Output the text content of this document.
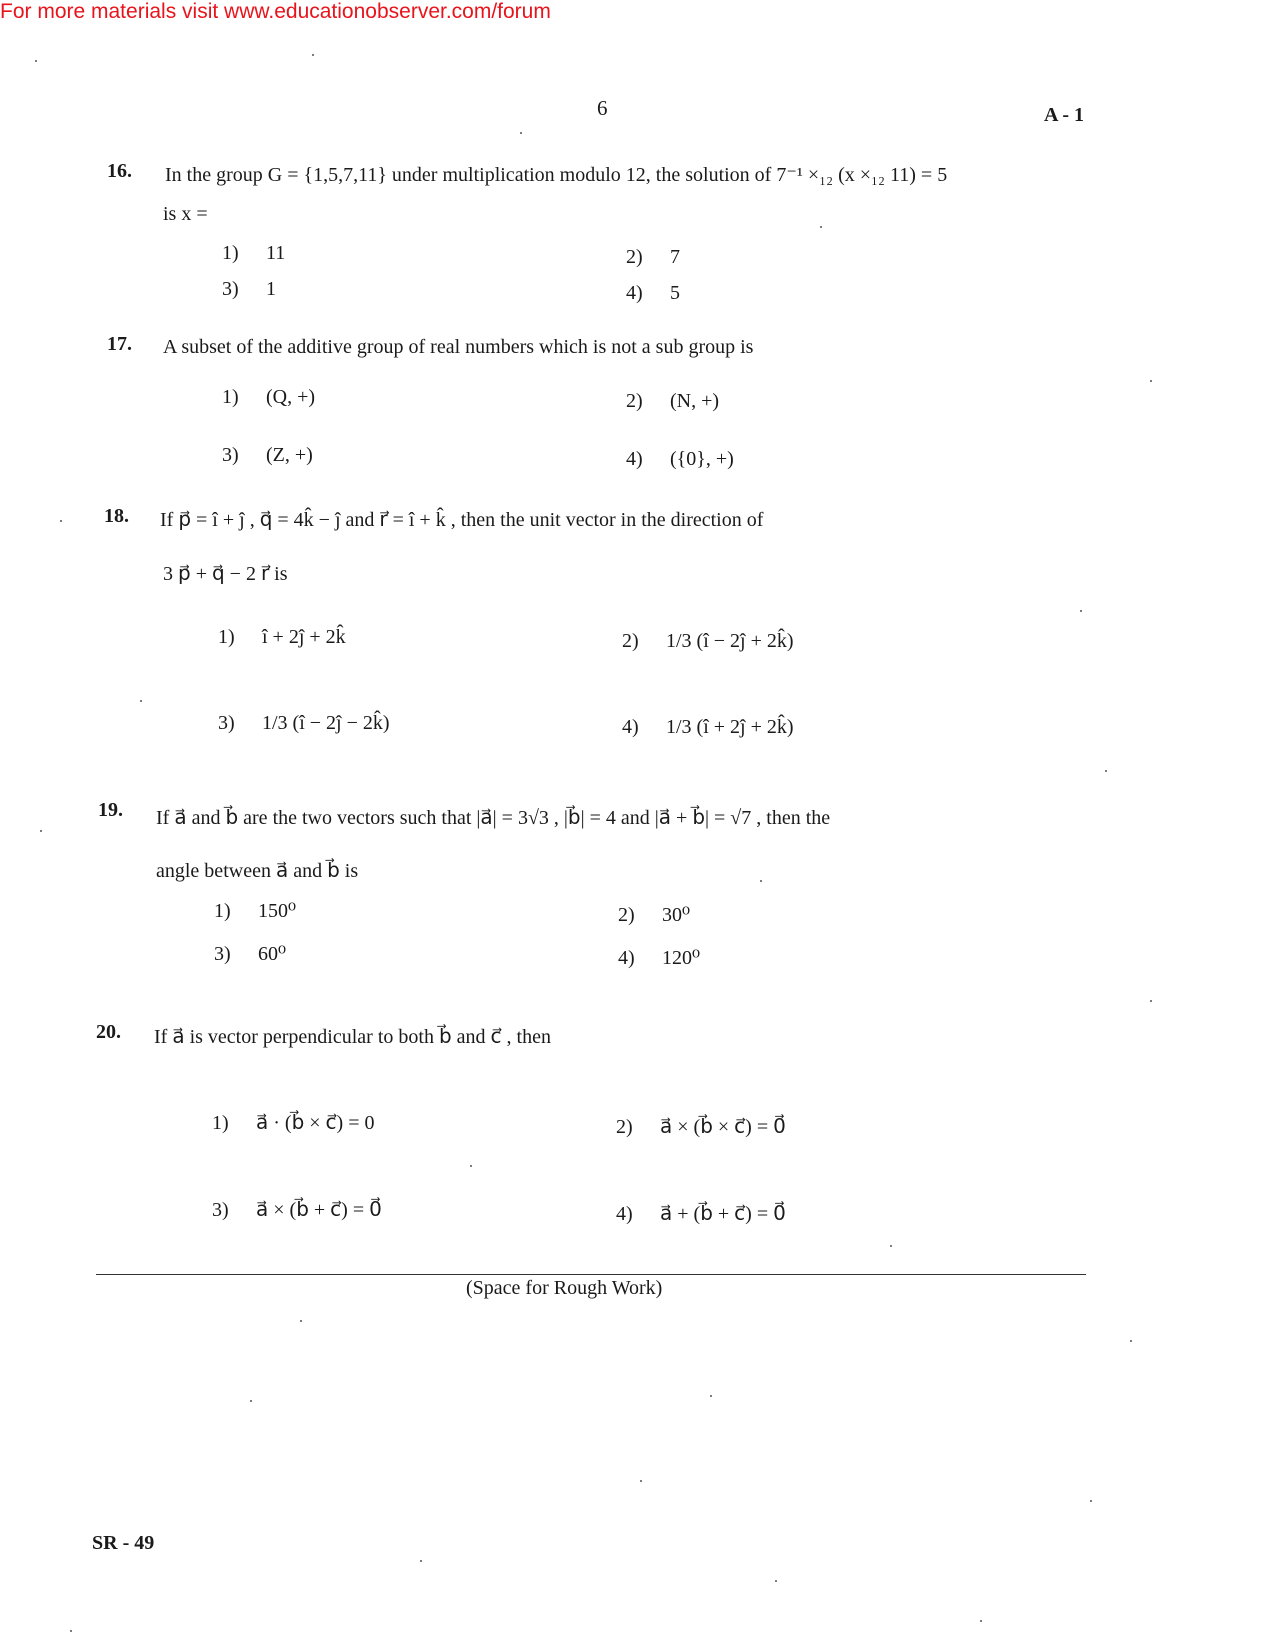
For more materials visit www.educationobserver.com/forum
6	A - 1
16. In the group G = {1,5,7,11} under multiplication modulo 12, the solution of 7⁻¹ ×₁₂ (x ×₁₂ 11) = 5
is x =
1) 11	2) 7
3) 1	4) 5
17. A subset of the additive group of real numbers which is not a sub group is
1) (Q, +)	2) (N, +)
3) (Z, +)	4) ({0}, +)
18. If p⃗ = î + ĵ , q⃗ = 4k̂ − ĵ and r⃗ = î + k̂ , then the unit vector in the direction of
3 p⃗ + q⃗ − 2 r⃗ is
1) î + 2ĵ + 2k̂	2) 1/3 (î − 2ĵ + 2k̂)
3) 1/3 (î − 2ĵ − 2k̂)	4) 1/3 (î + 2ĵ + 2k̂)
19. If a⃗ and b⃗ are the two vectors such that |a⃗| = 3√3 , |b⃗| = 4 and |a⃗ + b⃗| = √7 , then the
angle between a⃗ and b⃗ is
1) 150⁰	2) 30⁰
3) 60⁰	4) 120⁰
20. If a⃗ is vector perpendicular to both b⃗ and c⃗ , then
1) a⃗ · (b⃗ × c⃗) = 0	2) a⃗ × (b⃗ × c⃗) = 0⃗
3) a⃗ × (b⃗ + c⃗) = 0⃗	4) a⃗ + (b⃗ + c⃗) = 0⃗
(Space for Rough Work)
SR - 49
